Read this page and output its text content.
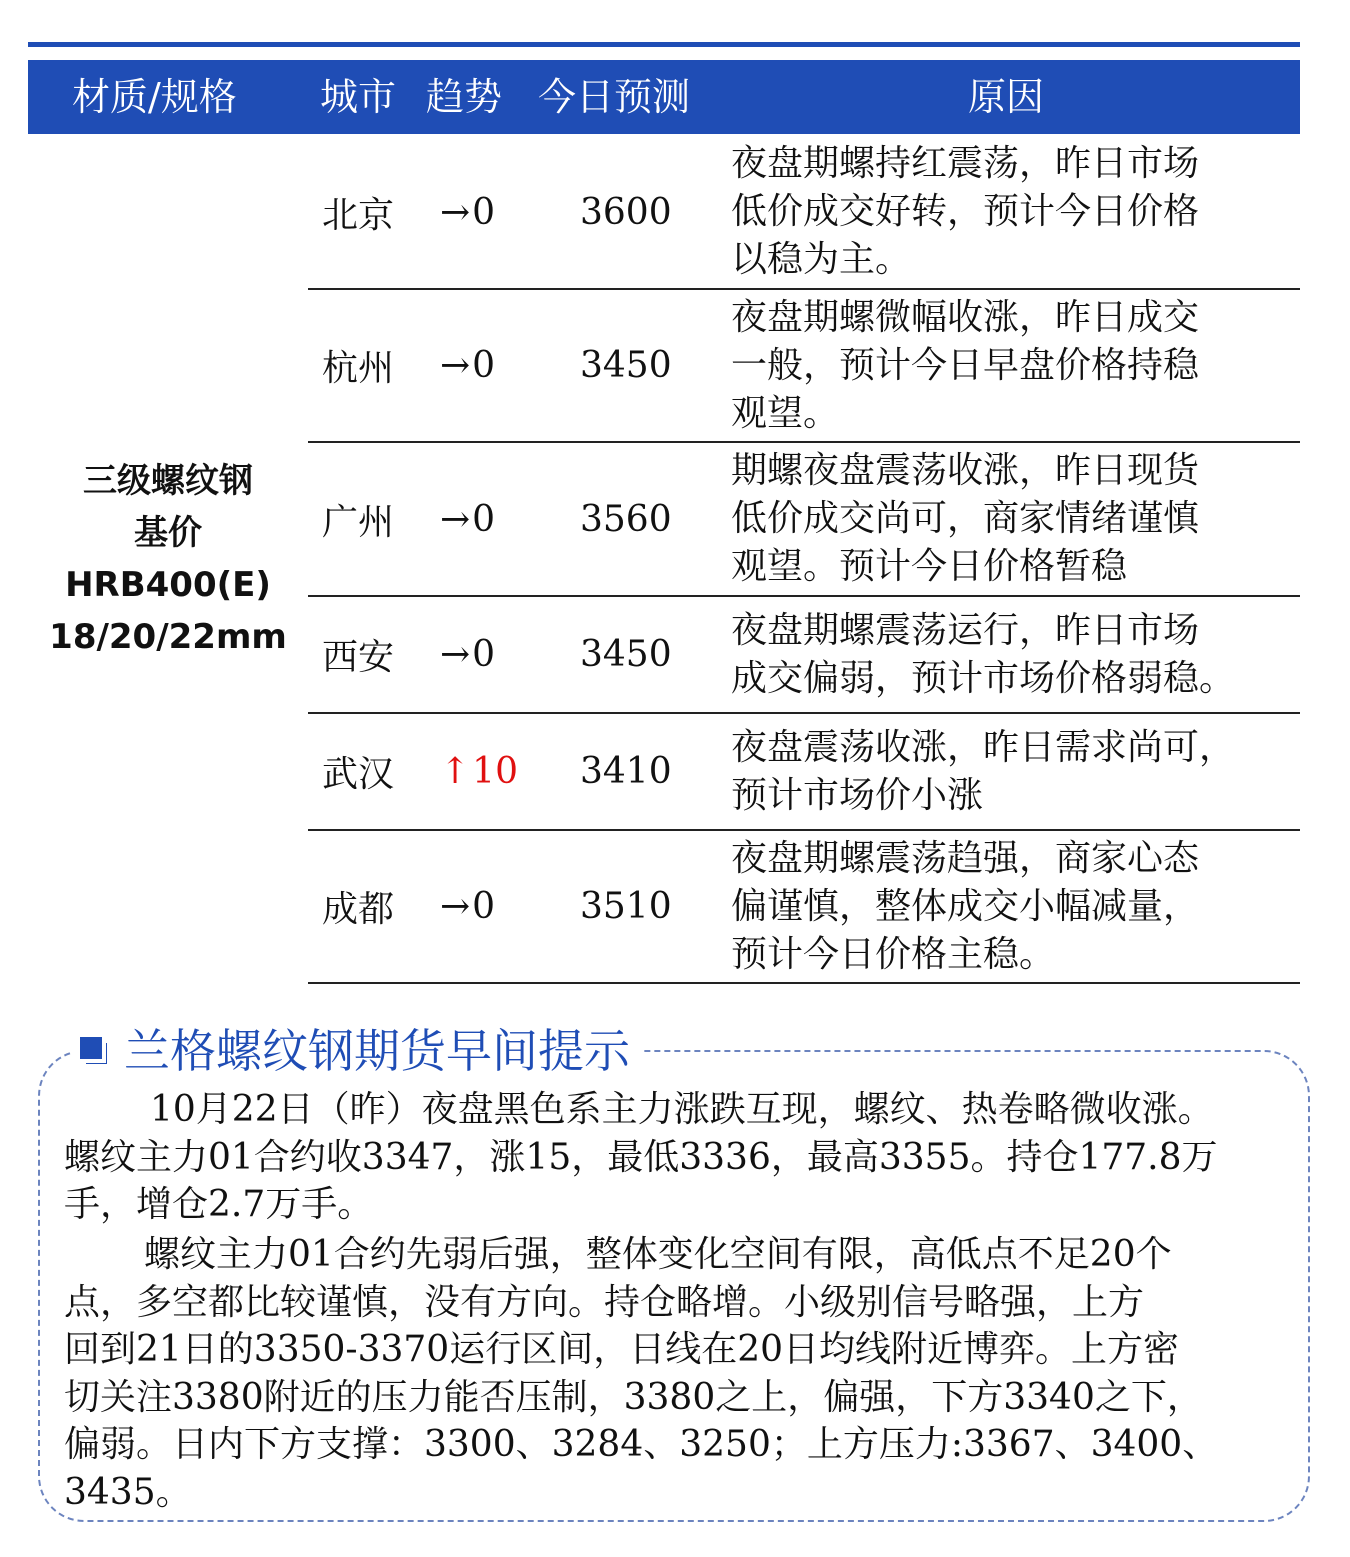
材质/规格 城市 趋势 今日预测	原因
三级螺纹钢
基价
HRB400(E)
18/20/22mm
北京 → 0 3600
夜盘期螺持红震荡，昨日市场
低价成交好转，预计今日价格
以稳为主。
杭州 → 0 3450
夜盘期螺微幅收涨，昨日成交
一般，预计今日早盘价格持稳
观望。
广州 → 0 3560
期螺夜盘震荡收涨，昨日现货
低价成交尚可，商家情绪谨慎
观望。预计今日价格暂稳
西安 → 0 3450
夜盘期螺震荡运行，昨日市场
成交偏弱，预计市场价格弱稳。
武汉 ↑ 10 3410
夜盘震荡收涨，昨日需求尚可，
预计市场价小涨
成都 → 0 3510
夜盘期螺震荡趋强，商家心态
偏谨慎，整体成交小幅减量，
预计今日价格主稳。
兰格螺纹钢期货早间提示
10月22日（昨）夜盘黑色系主力涨跌互现，螺纹、热卷略微收涨。
螺纹主力01合约收3347，涨15，最低3336，最高3355。持仓177.8万
手，增仓2.7万手。
螺纹主力01合约先弱后强，整体变化空间有限，高低点不足20个
点，多空都比较谨慎，没有方向。持仓略增。小级别信号略强，上方
回到21日的3350-3370运行区间，日线在20日均线附近博弈。上方密
切关注3380附近的压力能否压制，3380之上，偏强，下方3340之下，
偏弱。日内下方支撑：3300、3284、3250；上方压力:3367、3400、
3435。
